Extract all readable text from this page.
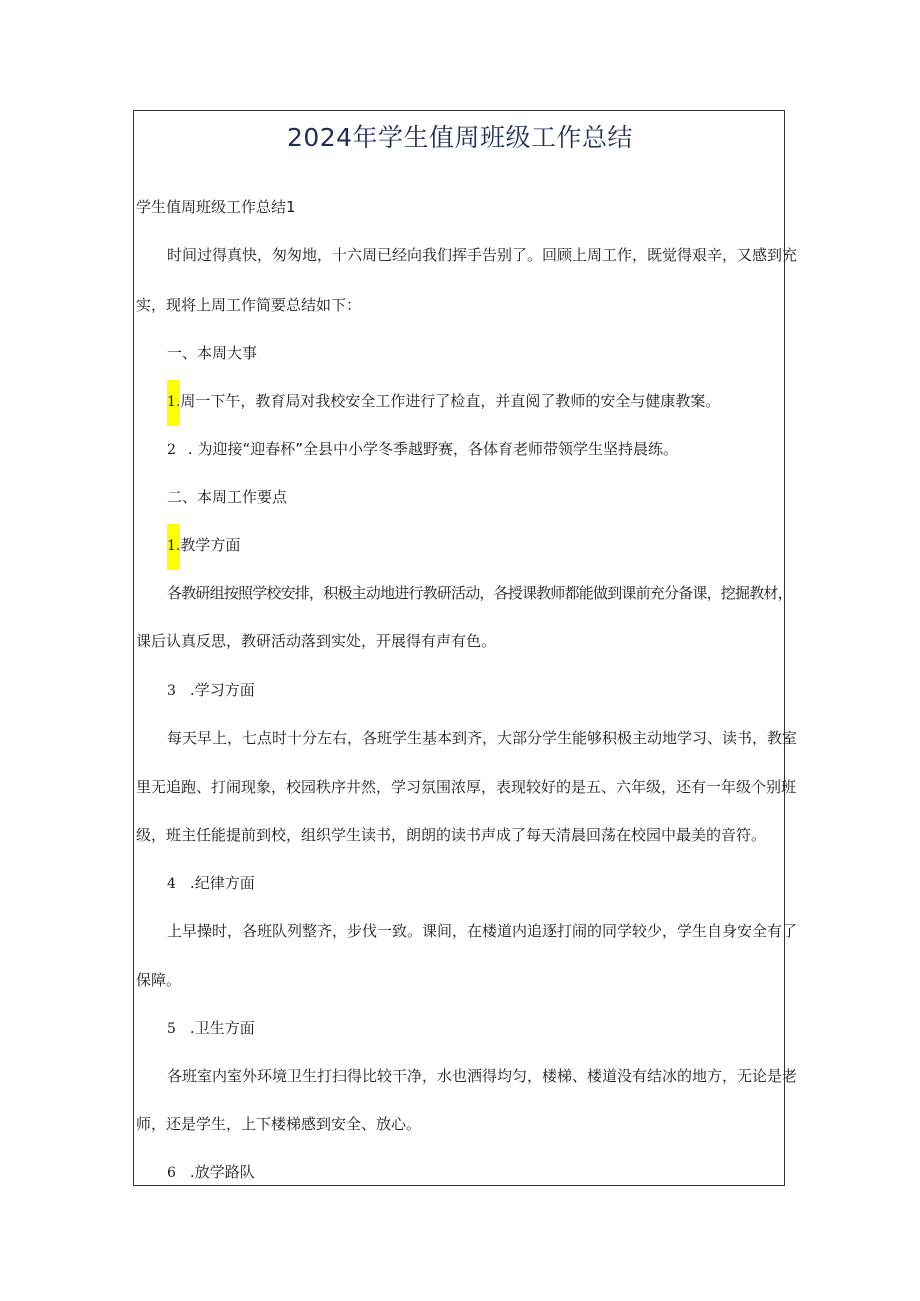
2024年学生值周班级工作总结
学生值周班级工作总结1
时间过得真快，匆匆地，十六周已经向我们挥手告别了。回顾上周工作，既觉得艰辛，又感到充
实，现将上周工作简要总结如下：
一、本周大事
1.周一下午，教育局对我校安全工作进行了检直，并直阅了教师的安全与健康教案。
2 . 为迎接“迎春杯”全县中小学冬季越野赛，各体育老师带领学生坚持晨练。
二、本周工作要点
1.教学方面
各教研组按照学校安排，积极主动地进行教研活动，各授课教师都能做到课前充分备课，挖掘教材，
课后认真反思，教研活动落到实处，开展得有声有色。
3 .学习方面
每天早上，七点时十分左右，各班学生基本到齐，大部分学生能够积极主动地学习、读书，教室
里无追跑、打闹现象，校园秩序井然，学习氛围浓厚，表现较好的是五、六年级，还有一年级个别班
级，班主任能提前到校，组织学生读书，朗朗的读书声成了每天清晨回荡在校园中最美的音符。
4 .纪律方面
上早操时，各班队列整齐，步伐一致。课间，在楼道内追逐打闹的同学较少，学生自身安全有了
保障。
5 .卫生方面
各班室内室外环境卫生打扫得比较干净，水也洒得均匀，楼梯、楼道没有结冰的地方，无论是老
师，还是学生，上下楼梯感到安全、放心。
6 .放学路队
